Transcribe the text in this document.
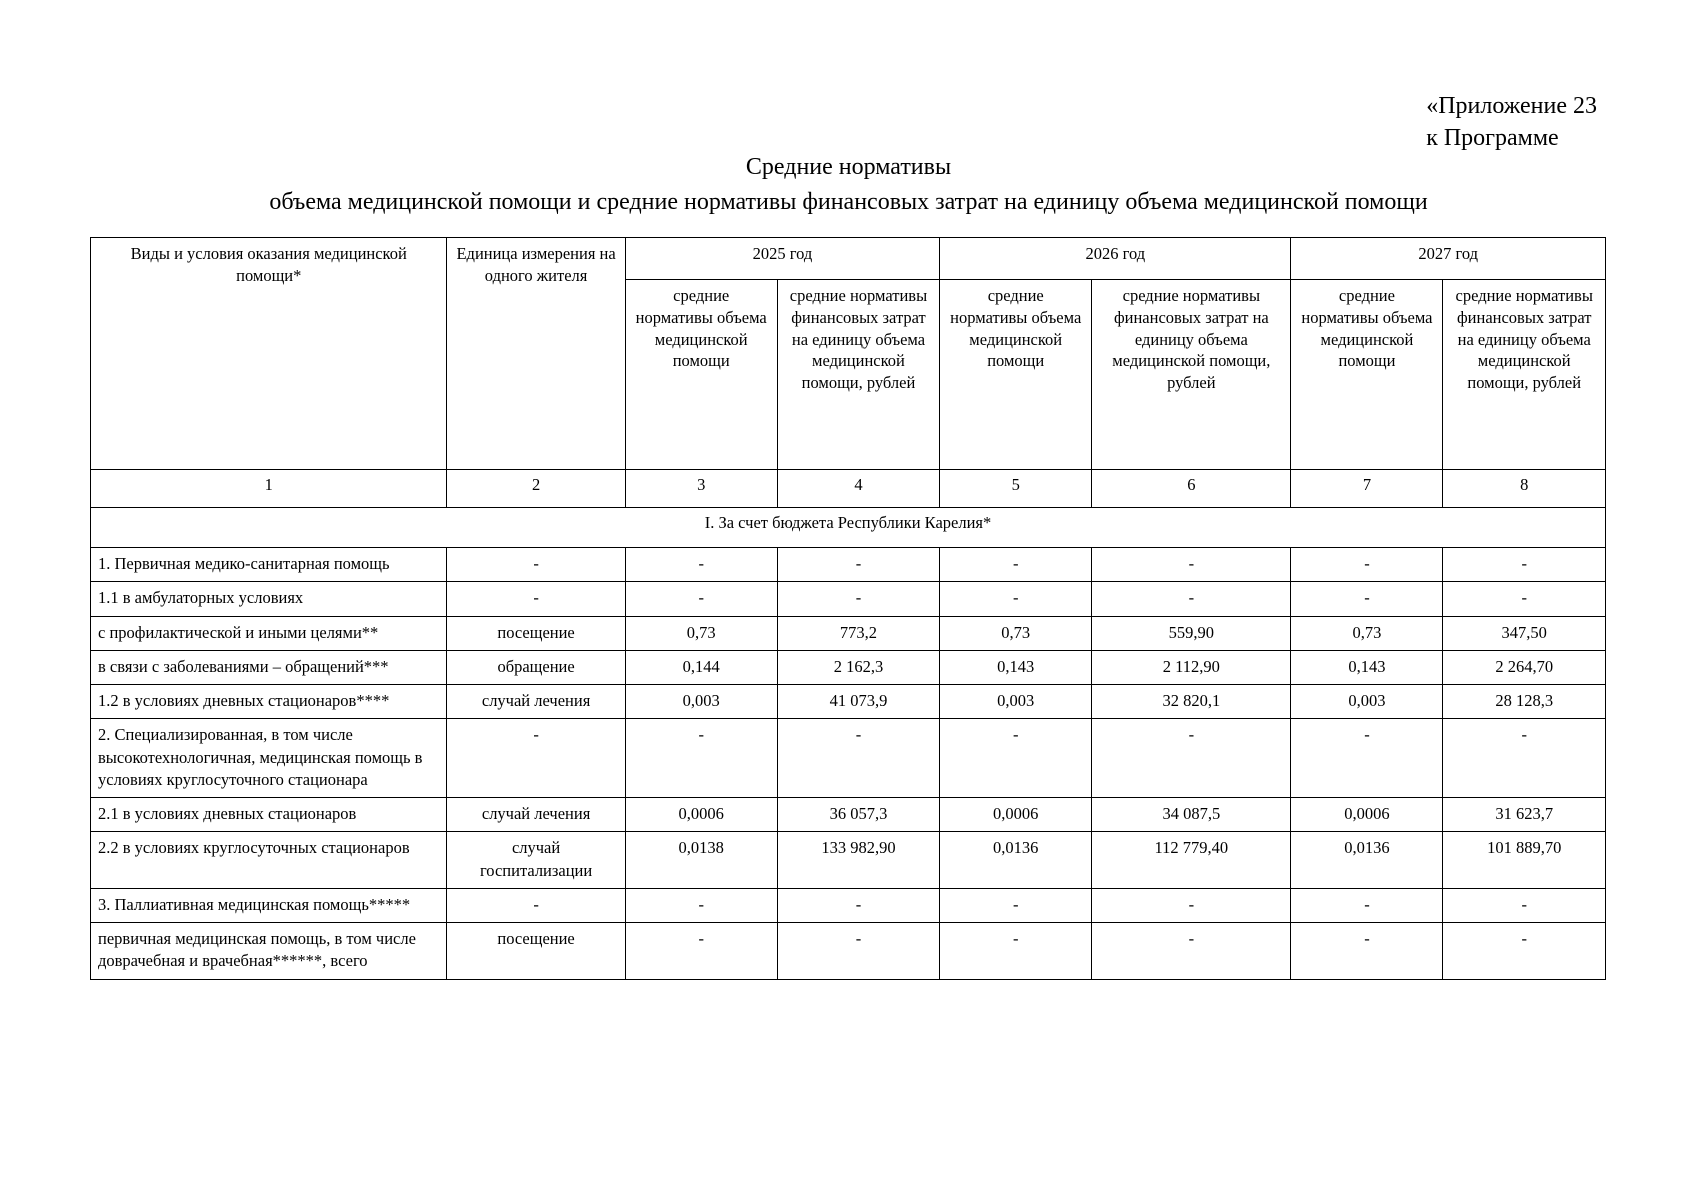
«Приложение 23
к Программе
Средние нормативы
объема медицинской помощи и средние нормативы финансовых затрат на единицу объема медицинской помощи
Виды и условия оказания медицинской помощи*	Единица измерения на одного жителя	2025 год		2026 год		2027 год	
		средние нормативы объема медицинской помощи	средние нормативы финансовых затрат на единицу объема медицинской помощи, рублей	средние нормативы объема медицинской помощи	средние нормативы финансовых затрат на единицу объема медицинской помощи, рублей	средние нормативы объема медицинской помощи	средние нормативы финансовых затрат на единицу объема медицинской помощи, рублей
1	2	3	4	5	6	7	8
I. За счет бюджета Республики Карелия*							
1. Первичная медико-санитарная помощь	-	-	-	-	-	-	-
1.1 в амбулаторных условиях	-	-	-	-	-	-	-
с профилактической и иными целями**	посещение	0,73	773,2	0,73	559,90	0,73	347,50
в связи с заболеваниями – обращений***	обращение	0,144	2 162,3	0,143	2 112,90	0,143	2 264,70
1.2 в условиях дневных стационаров****	случай лечения	0,003	41 073,9	0,003	32 820,1	0,003	28 128,3
2. Специализированная, в том числе высокотехнологичная, медицинская помощь в условиях круглосуточного стационара	-	-	-	-	-	-	-
2.1 в условиях дневных стационаров	случай лечения	0,0006	36 057,3	0,0006	34 087,5	0,0006	31 623,7
2.2 в условиях круглосуточных стационаров	случай госпитализации	0,0138	133 982,90	0,0136	112 779,40	0,0136	101 889,70
3. Паллиативная медицинская помощь*****	-	-	-	-	-	-	-
первичная медицинская помощь, в том числе доврачебная и врачебная******, всего	посещение	-	-	-	-	-	-
